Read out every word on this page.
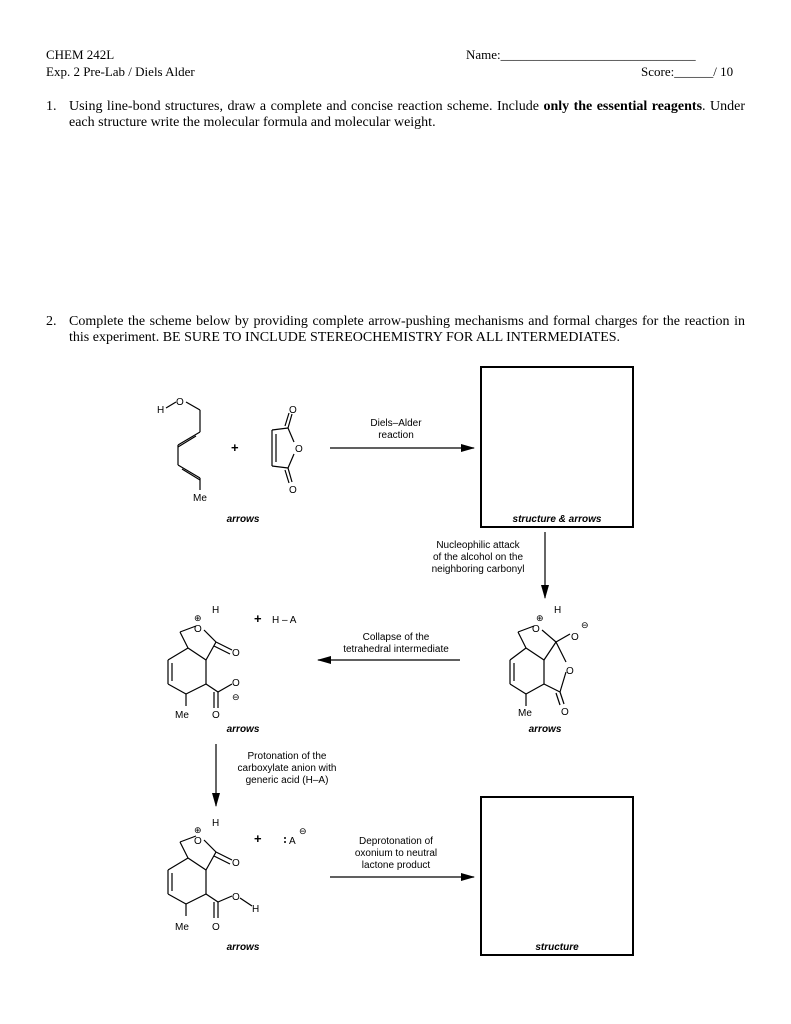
CHEM 242L
Exp. 2 Pre-Lab / Diels Alder
Name:______________________________
Score:______/ 10
1. Using line-bond structures, draw a complete and concise reaction scheme. Include only the essential reagents. Under each structure write the molecular formula and molecular weight.
2. Complete the scheme below by providing complete arrow-pushing mechanisms and formal charges for the reaction in this experiment. BE SURE TO INCLUDE STEREOCHEMISTRY FOR ALL INTERMEDIATES.
arrows	structure & arrows
arrows	arrows
arrows	structure
Diels–Alder
reaction
Nucleophilic attack
of the alcohol on the
neighboring carbonyl
Collapse of the
tetrahedral intermediate
Protonation of the
carboxylate anion with
generic acid (H–A)
Deprotonation of
oxonium to neutral
lactone product
H
O
Me
+
O
O
O
⊕
H
O
O
⊖
O
O
Me
⊕
H
O
O
O
⊖
O
Me
+ H – A
⊕
H
O
O
O
H
O
Me
+	A
⊖
